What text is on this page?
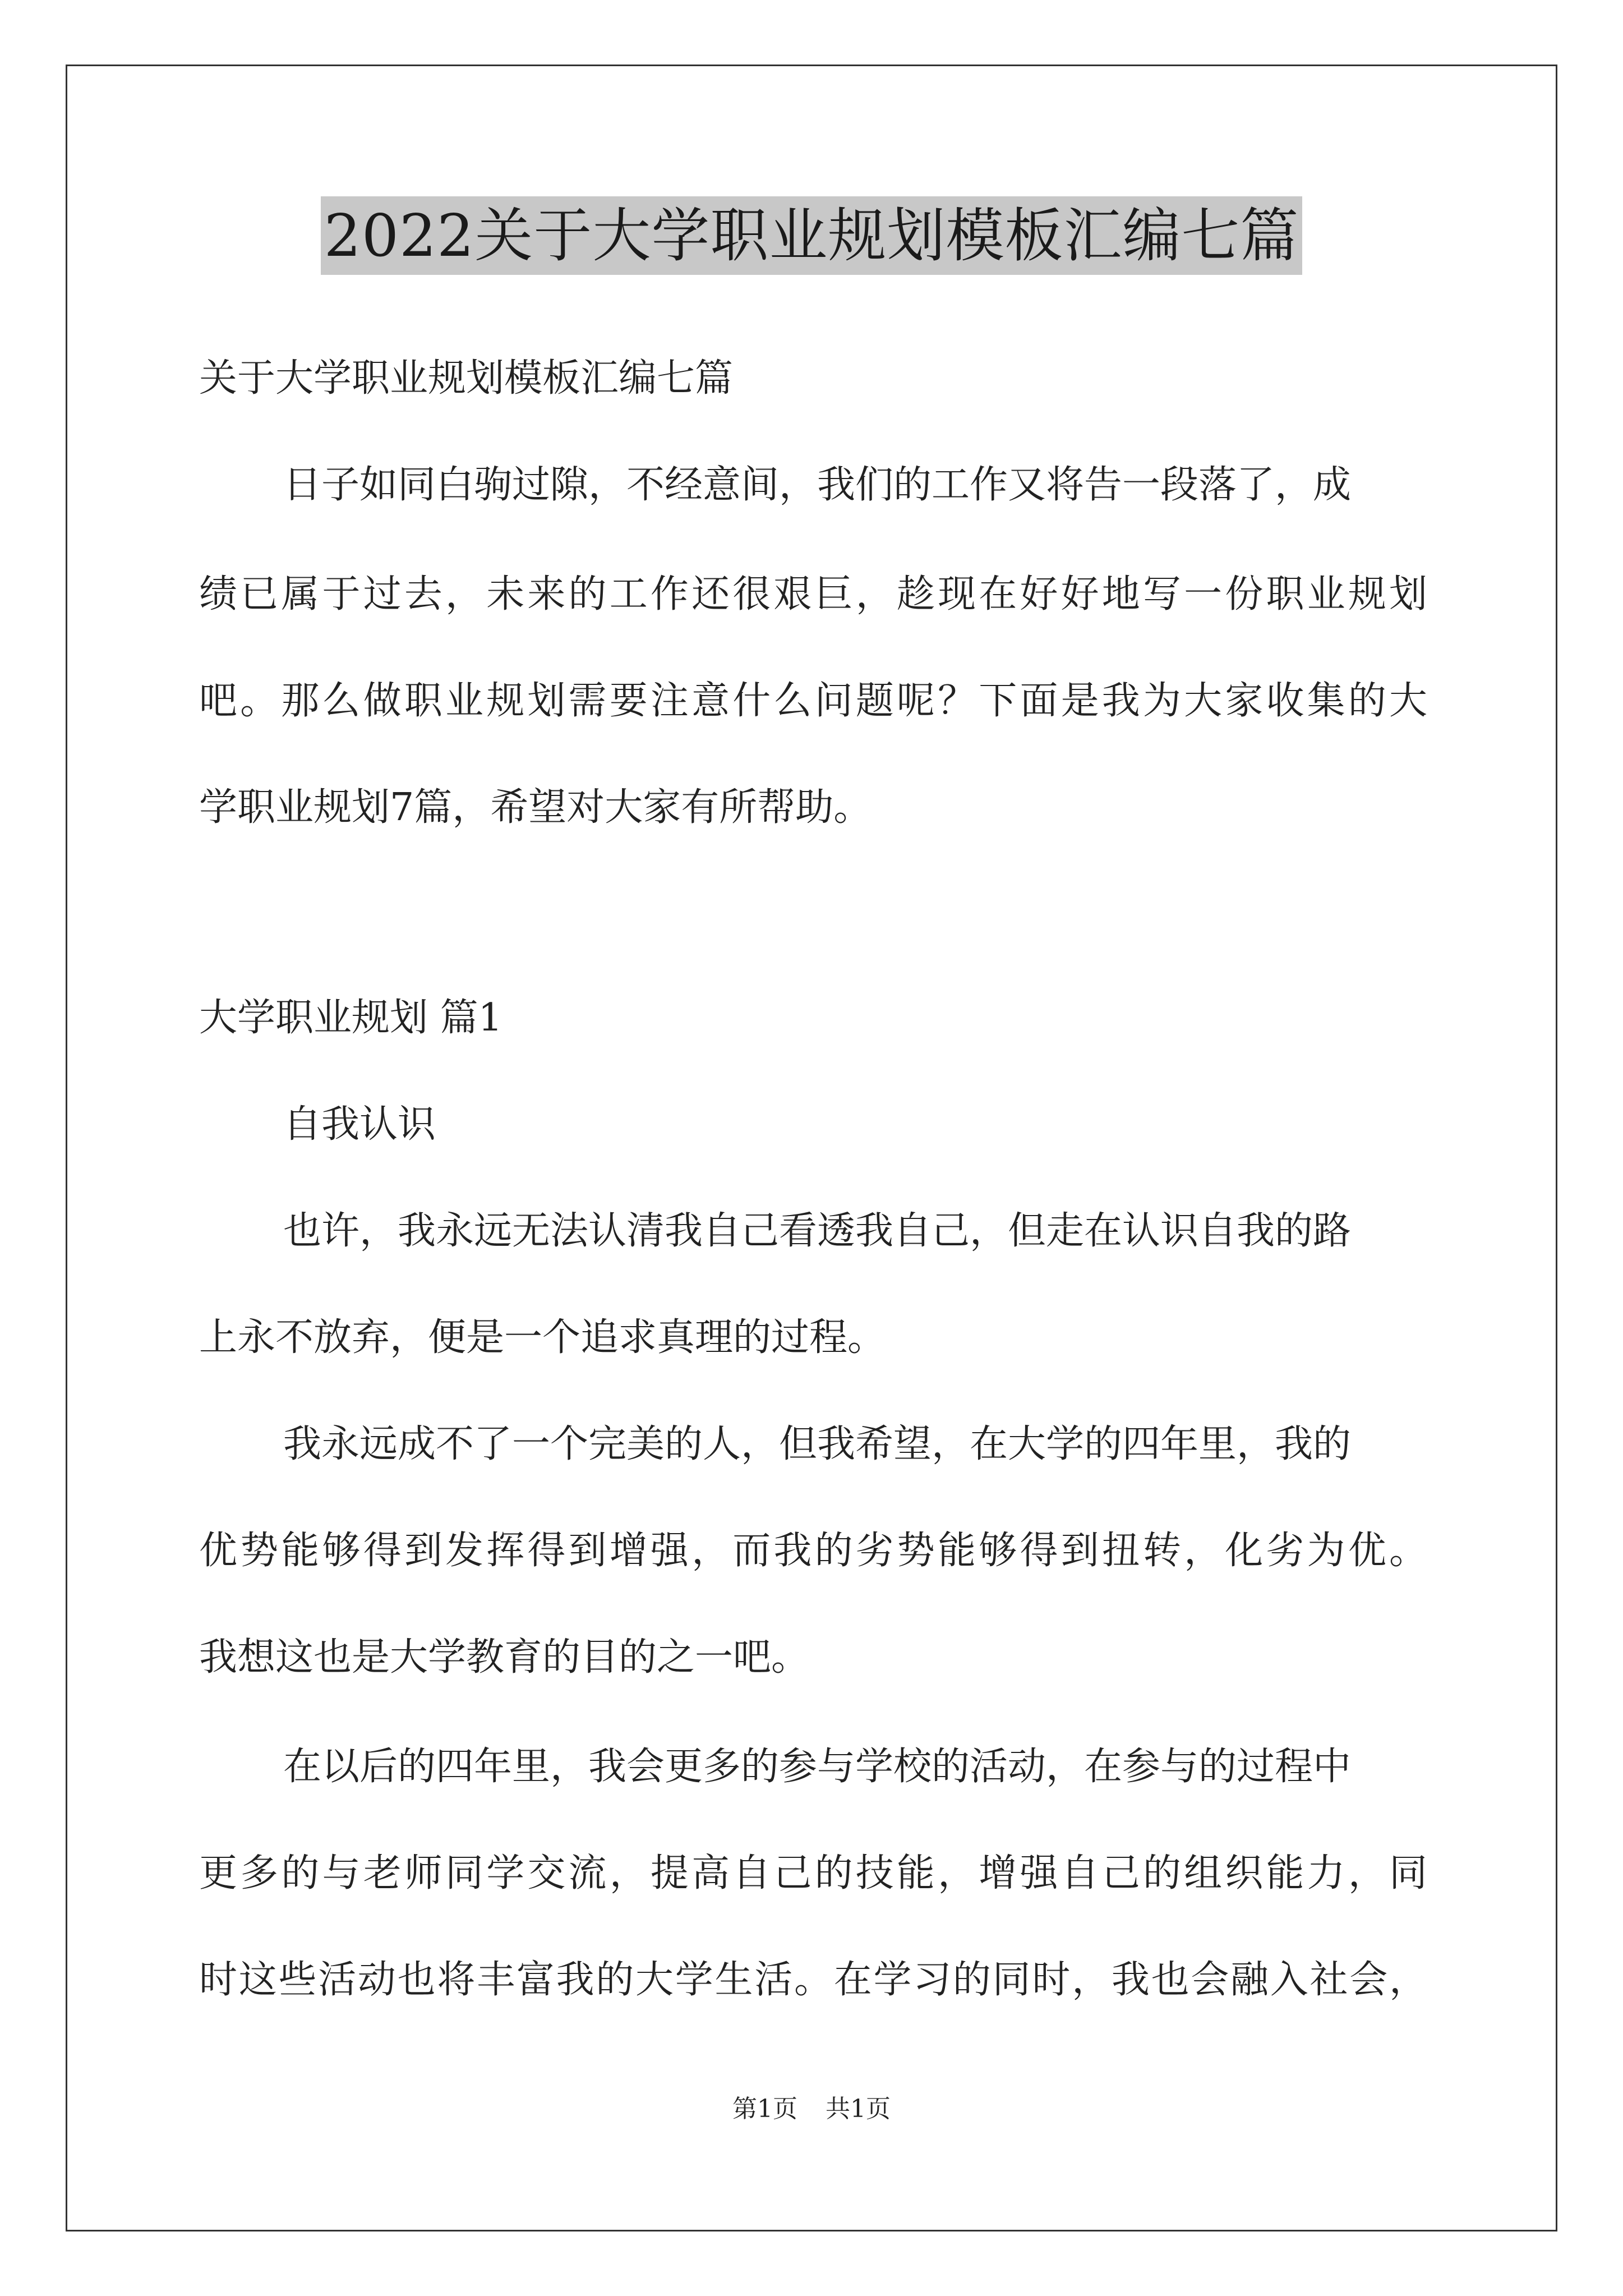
2022关于大学职业规划模板汇编七篇
关于大学职业规划模板汇编七篇
日子如同白驹过隙，不经意间，我们的工作又将告一段落了，成
绩已属于过去，未来的工作还很艰巨，趁现在好好地写一份职业规划
吧。那么做职业规划需要注意什么问题呢？下面是我为大家收集的大
学职业规划7篇，希望对大家有所帮助。
大学职业规划 篇1
自我认识
也许，我永远无法认清我自己看透我自己，但走在认识自我的路
上永不放弃，便是一个追求真理的过程。
我永远成不了一个完美的人，但我希望，在大学的四年里，我的
优势能够得到发挥得到增强，而我的劣势能够得到扭转，化劣为优。
我想这也是大学教育的目的之一吧。
在以后的四年里，我会更多的参与学校的活动，在参与的过程中
更多的与老师同学交流，提高自己的技能，增强自己的组织能力，同
时这些活动也将丰富我的大学生活。在学习的同时，我也会融入社会，
第1页 共1页
